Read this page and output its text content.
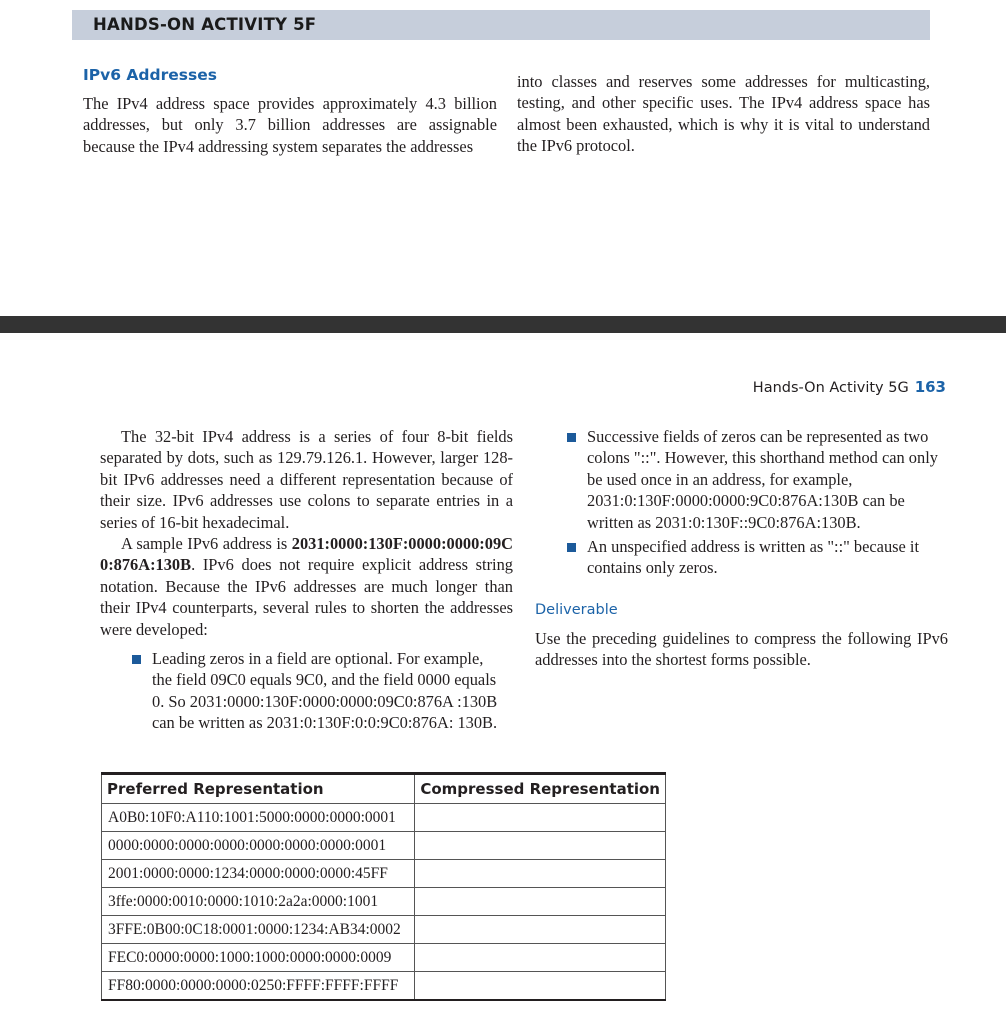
HANDS-ON ACTIVITY 5F
IPv6 Addresses

The IPv4 address space provides approximately 4.3 billion addresses, but only 3.7 billion addresses are assignable because the IPv4 addressing system separates the addresses

into classes and reserves some addresses for multicasting, testing, and other specific uses. The IPv4 address space has almost been exhausted, which is why it is vital to understand the IPv6 protocol.

Hands-On Activity 5G 163

The 32-bit IPv4 address is a series of four 8-bit fields separated by dots, such as 129.79.126.1. However, larger 128-bit IPv6 addresses need a different representation because of their size. IPv6 addresses use colons to separate entries in a series of 16-bit hexadecimal.

A sample IPv6 address is 2031:0000:130F:0000:0000:09C0:876A:130B. IPv6 does not require explicit address string notation. Because the IPv6 addresses are much longer than their IPv4 counterparts, several rules to shorten the addresses were developed:

Leading zeros in a field are optional. For example, the field 09C0 equals 9C0, and the field 0000 equals 0. So 2031:0000:130F:0000:0000:09C0:876A :130B can be written as 2031:0:130F:0:0:9C0:876A: 130B.

Successive fields of zeros can be represented as two colons "::". However, this shorthand method can only be used once in an address, for example, 2031:0:130F:0000:0000:9C0:876A:130B can be written as 2031:0:130F::9C0:876A:130B.

An unspecified address is written as "::" because it contains only zeros.

Deliverable

Use the preceding guidelines to compress the following IPv6 addresses into the shortest forms possible.

Preferred Representation	Compressed Representation
A0B0:10F0:A110:1001:5000:0000:0000:0001	
0000:0000:0000:0000:0000:0000:0000:0001	
2001:0000:0000:1234:0000:0000:0000:45FF	
3ffe:0000:0010:0000:1010:2a2a:0000:1001	
3FFE:0B00:0C18:0001:0000:1234:AB34:0002	
FEC0:0000:0000:1000:1000:0000:0000:0009	
FF80:0000:0000:0000:0250:FFFF:FFFF:FFFF	
